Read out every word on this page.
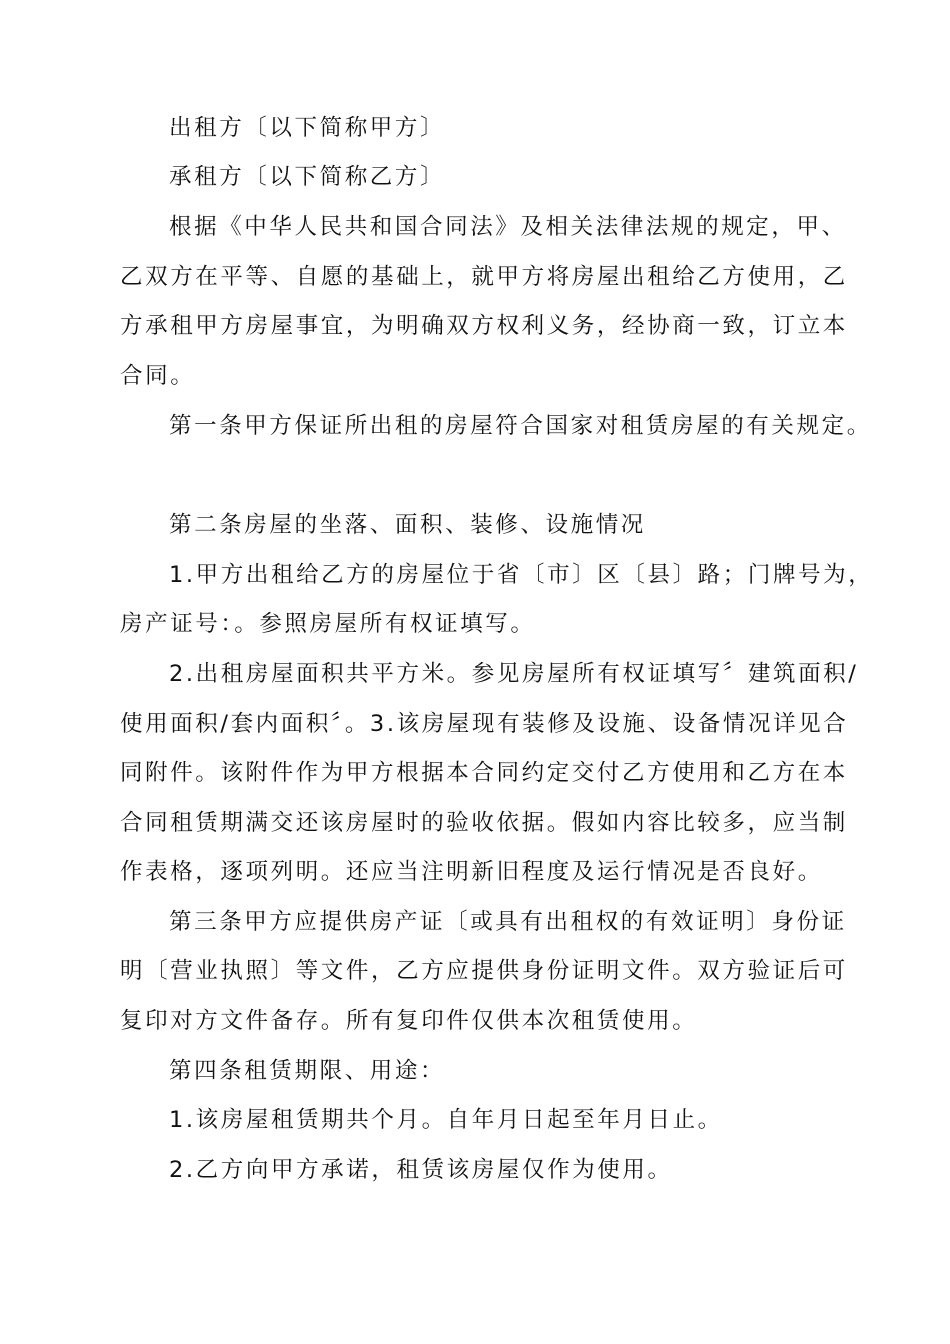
出租方〔以下简称甲方〕
承租方〔以下简称乙方〕
根据《中华人民共和国合同法》及相关法律法规的规定，甲、
乙双方在平等、自愿的基础上，就甲方将房屋出租给乙方使用，乙
方承租甲方房屋事宜，为明确双方权利义务，经协商一致，订立本
合同。
第一条甲方保证所出租的房屋符合国家对租赁房屋的有关规定。
第二条房屋的坐落、面积、装修、设施情况
1.甲方出租给乙方的房屋位于省〔市〕区〔县〕路；门牌号为，
房产证号：。参照房屋所有权证填写。
2.出租房屋面积共平方米。参见房屋所有权证填写〞建筑面积/
使用面积/套内面积〞。3.该房屋现有装修及设施、设备情况详见合
同附件。该附件作为甲方根据本合同约定交付乙方使用和乙方在本
合同租赁期满交还该房屋时的验收依据。假如内容比较多，应当制
作表格，逐项列明。还应当注明新旧程度及运行情况是否良好。
第三条甲方应提供房产证〔或具有出租权的有效证明〕身份证
明〔营业执照〕等文件，乙方应提供身份证明文件。双方验证后可
复印对方文件备存。所有复印件仅供本次租赁使用。
第四条租赁期限、用途：
1.该房屋租赁期共个月。自年月日起至年月日止。
2.乙方向甲方承诺，租赁该房屋仅作为使用。
